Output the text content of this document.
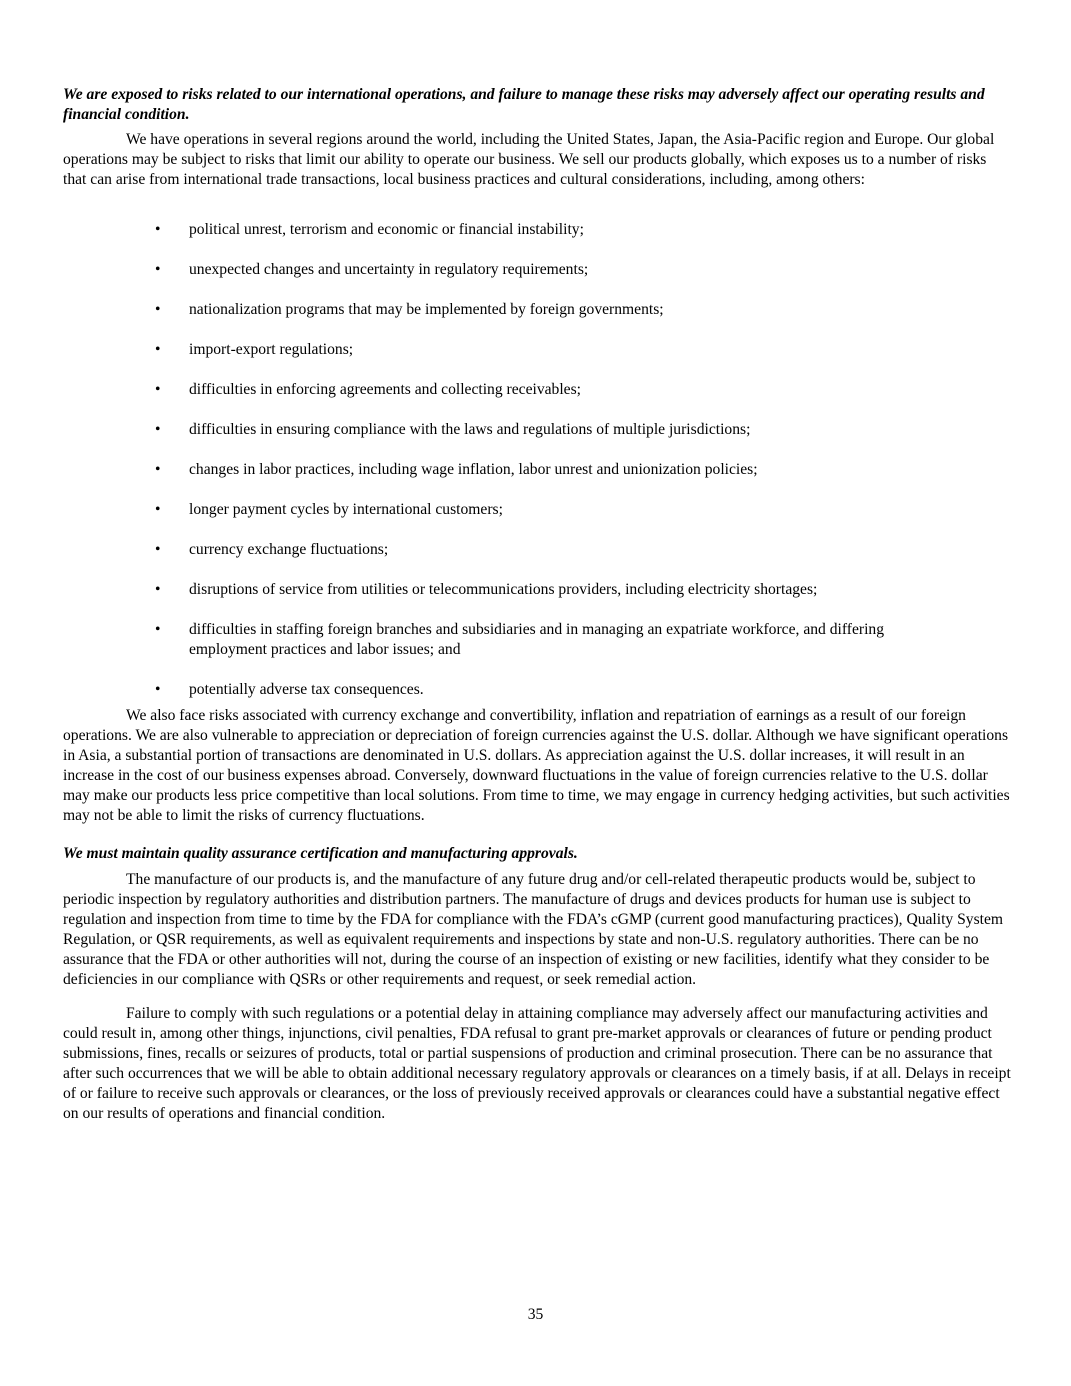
We are exposed to risks related to our international operations, and failure to manage these risks may adversely affect our operating results and financial condition.

We have operations in several regions around the world, including the United States, Japan, the Asia-Pacific region and Europe. Our global operations may be subject to risks that limit our ability to operate our business. We sell our products globally, which exposes us to a number of risks that can arise from international trade transactions, local business practices and cultural considerations, including, among others:

• political unrest, terrorism and economic or financial instability;
• unexpected changes and uncertainty in regulatory requirements;
• nationalization programs that may be implemented by foreign governments;
• import-export regulations;
• difficulties in enforcing agreements and collecting receivables;
• difficulties in ensuring compliance with the laws and regulations of multiple jurisdictions;
• changes in labor practices, including wage inflation, labor unrest and unionization policies;
• longer payment cycles by international customers;
• currency exchange fluctuations;
• disruptions of service from utilities or telecommunications providers, including electricity shortages;
• difficulties in staffing foreign branches and subsidiaries and in managing an expatriate workforce, and differing employment practices and labor issues; and
• potentially adverse tax consequences.

We also face risks associated with currency exchange and convertibility, inflation and repatriation of earnings as a result of our foreign operations. We are also vulnerable to appreciation or depreciation of foreign currencies against the U.S. dollar. Although we have significant operations in Asia, a substantial portion of transactions are denominated in U.S. dollars. As appreciation against the U.S. dollar increases, it will result in an increase in the cost of our business expenses abroad. Conversely, downward fluctuations in the value of foreign currencies relative to the U.S. dollar may make our products less price competitive than local solutions. From time to time, we may engage in currency hedging activities, but such activities may not be able to limit the risks of currency fluctuations.

We must maintain quality assurance certification and manufacturing approvals.

The manufacture of our products is, and the manufacture of any future drug and/or cell-related therapeutic products would be, subject to periodic inspection by regulatory authorities and distribution partners. The manufacture of drugs and devices products for human use is subject to regulation and inspection from time to time by the FDA for compliance with the FDA’s cGMP (current good manufacturing practices), Quality System Regulation, or QSR requirements, as well as equivalent requirements and inspections by state and non-U.S. regulatory authorities. There can be no assurance that the FDA or other authorities will not, during the course of an inspection of existing or new facilities, identify what they consider to be deficiencies in our compliance with QSRs or other requirements and request, or seek remedial action.

Failure to comply with such regulations or a potential delay in attaining compliance may adversely affect our manufacturing activities and could result in, among other things, injunctions, civil penalties, FDA refusal to grant pre-market approvals or clearances of future or pending product submissions, fines, recalls or seizures of products, total or partial suspensions of production and criminal prosecution. There can be no assurance that after such occurrences that we will be able to obtain additional necessary regulatory approvals or clearances on a timely basis, if at all. Delays in receipt of or failure to receive such approvals or clearances, or the loss of previously received approvals or clearances could have a substantial negative effect on our results of operations and financial condition.

35
